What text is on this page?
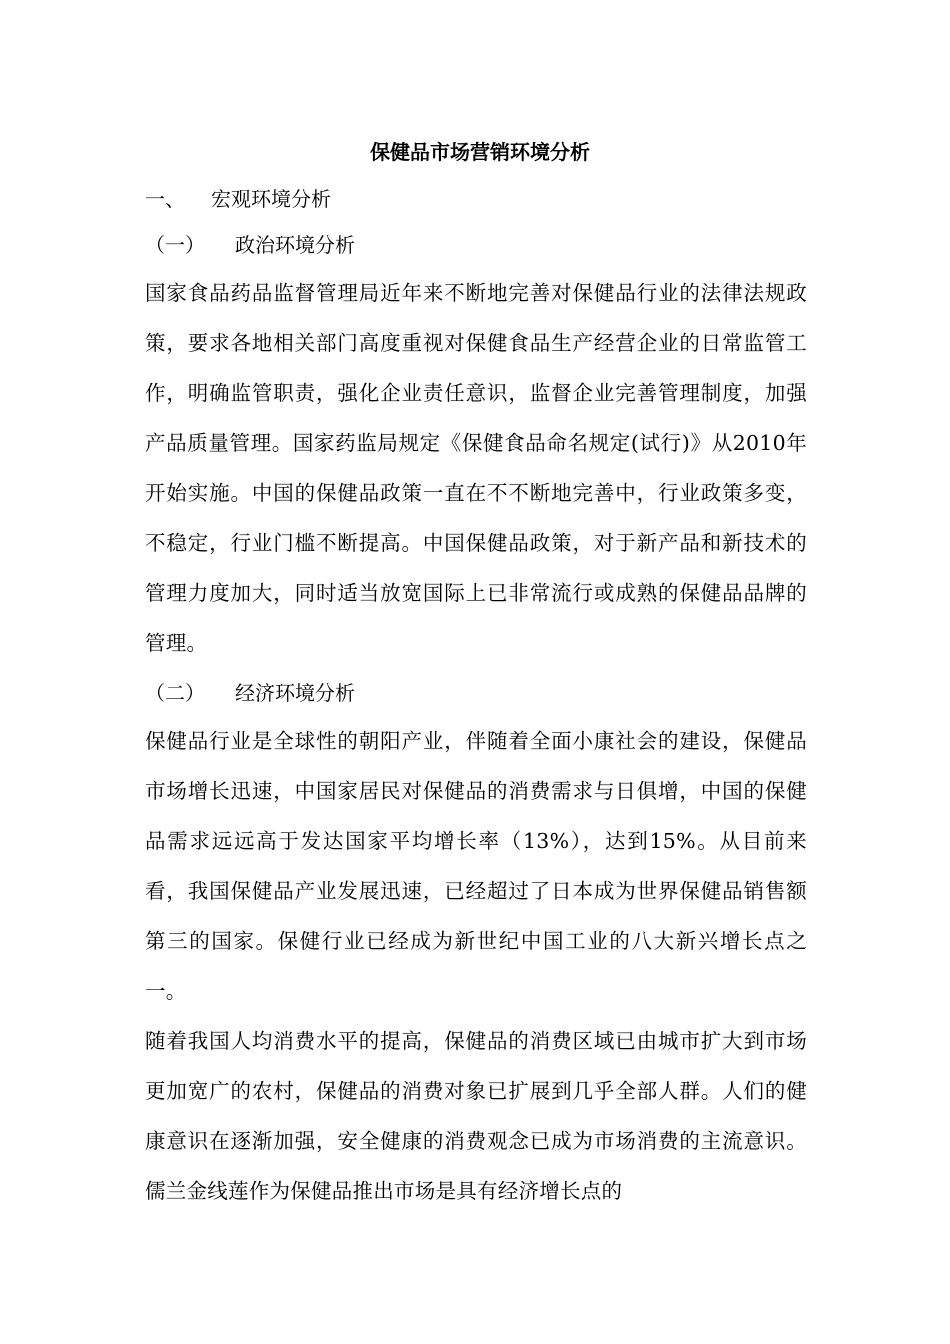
保健品市场营销环境分析
一、 宏观环境分析
（一） 政治环境分析

国家食品药品监督管理局近年来不断地完善对保健品行业的法律法规政策，要求各地相关部门高度重视对保健食品生产经营企业的日常监管工作，明确监管职责，强化企业责任意识，监督企业完善管理制度，加强产品质量管理。国家药监局规定《保健食品命名规定(试行)》从2010年开始实施。中国的保健品政策一直在不不断地完善中，行业政策多变，不稳定，行业门槛不断提高。中国保健品政策，对于新产品和新技术的管理力度加大，同时适当放宽国际上已非常流行或成熟的保健品品牌的管理。

（二） 经济环境分析

保健品行业是全球性的朝阳产业，伴随着全面小康社会的建设，保健品市场增长迅速，中国家居民对保健品的消费需求与日俱增，中国的保健品需求远远高于发达国家平均增长率（13%），达到15%。从目前来看，我国保健品产业发展迅速，已经超过了日本成为世界保健品销售额第三的国家。保健行业已经成为新世纪中国工业的八大新兴增长点之一。

随着我国人均消费水平的提高，保健品的消费区域已由城市扩大到市场更加宽广的农村，保健品的消费对象已扩展到几乎全部人群。人们的健康意识在逐渐加强，安全健康的消费观念已成为市场消费的主流意识。儒兰金线莲作为保健品推出市场是具有经济增长点的
